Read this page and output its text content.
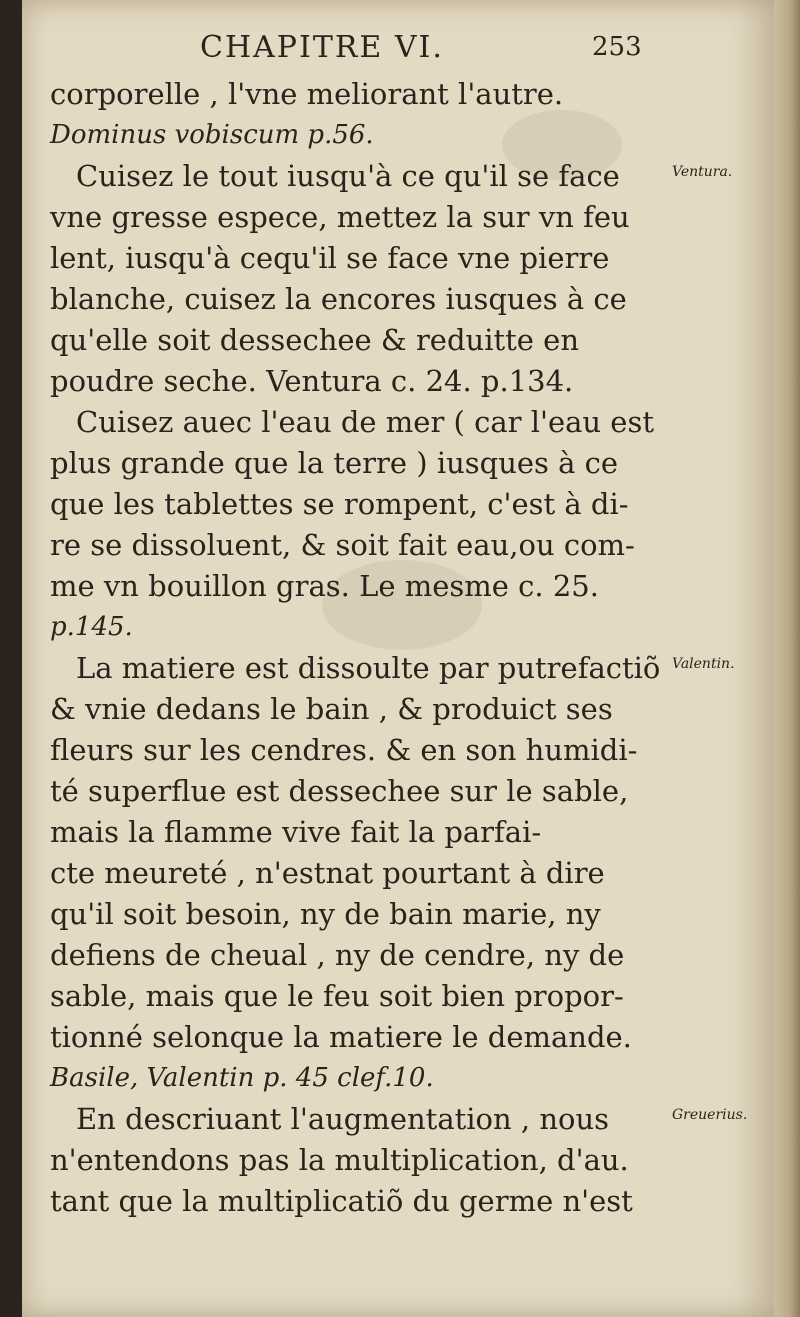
CHAPITRE VI.	253
corporelle , l'vne meliorant l'autre.
Dominus vobiscum p.56.
Cuisez le tout iusqu'à ce qu'il se face
vne gresse espece, mettez la sur vn feu
lent, iusqu'à cequ'il se face vne pierre
blanche, cuisez la encores iusques à ce
qu'elle soit dessechee & reduitte en
poudre seche. Ventura c. 24. p.134.
Cuisez auec l'eau de mer ( car l'eau est
plus grande que la terre ) iusques à ce
que les tablettes se rompent, c'est à di-
re se dissoluent, & soit fait eau,ou com-
me vn bouillon gras. Le mesme c. 25.
p.145.
La matiere est dissoulte par putrefactiõ
& vnie dedans le bain , & produict ses
fleurs sur les cendres. & en son humidi-
té superflue est dessechee sur le sable,
mais la flamme vive fait la parfai-
cte meureté , n'estnat pourtant à dire
qu'il soit besoin, ny de bain marie, ny
defiens de cheual , ny de cendre, ny de
sable, mais que le feu soit bien propor-
tionné selonque la matiere le demande.
Basile, Valentin p. 45 clef.10.
En descriuant l'augmentation , nous
n'entendons pas la multiplication, d'au.
tant que la multiplicatiõ du germe n'est
Ventura.
Valentin.
Greuerius.
